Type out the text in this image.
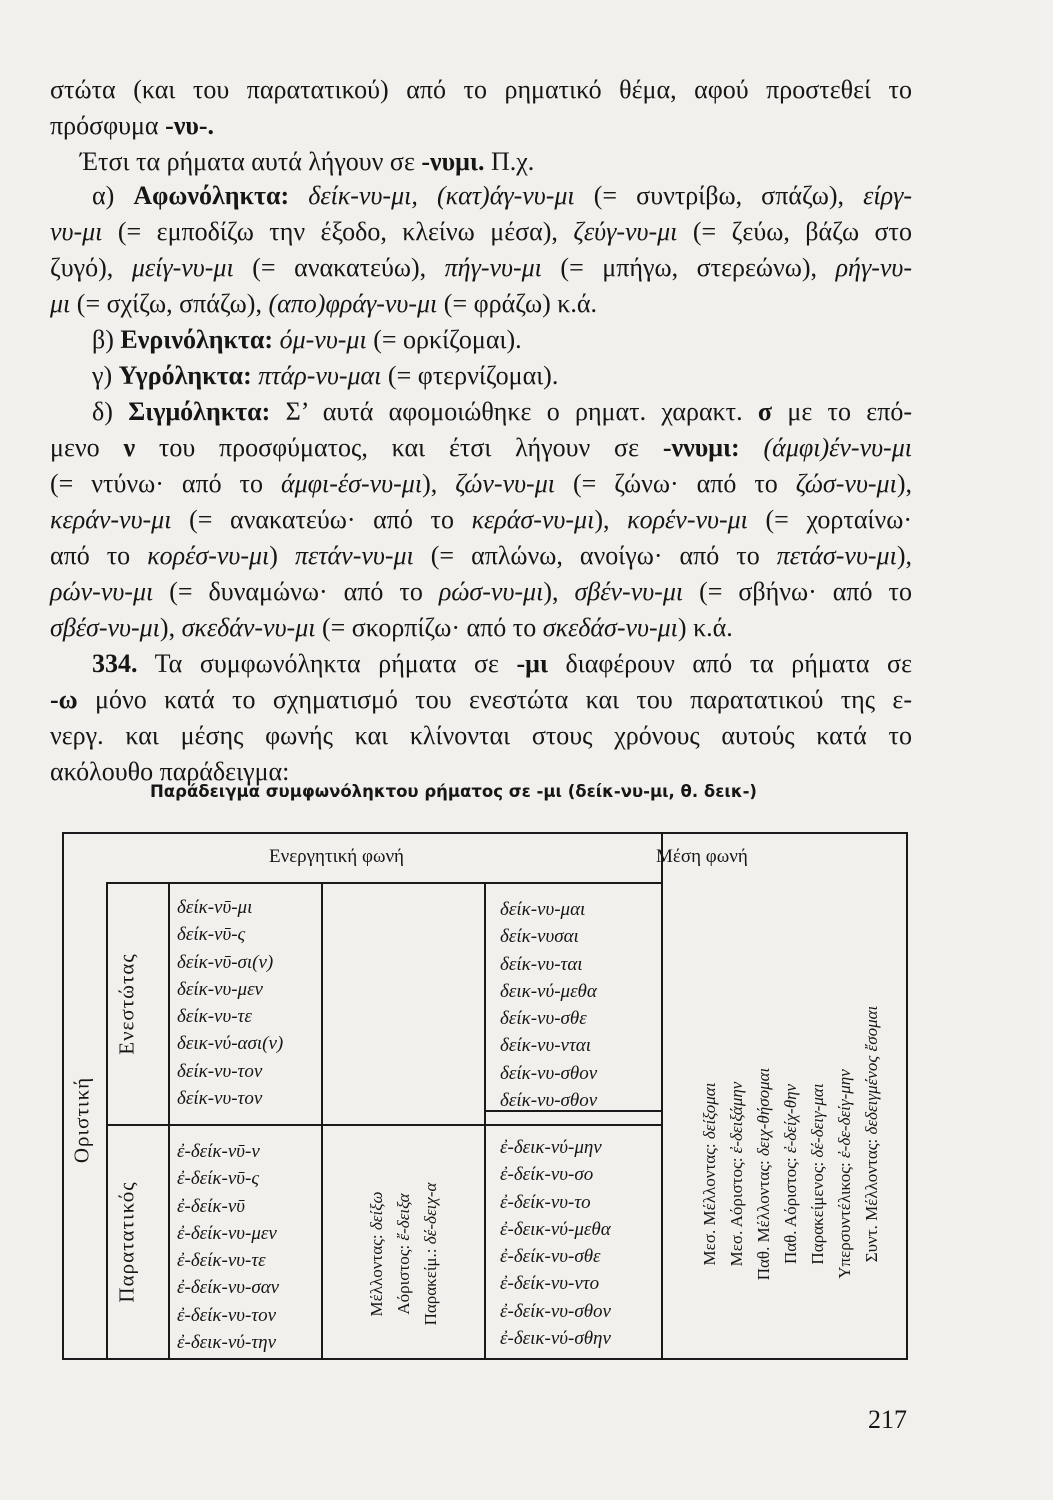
στώτα (και του παρατατικού) από το ρηματικό θέμα, αφού προστεθεί το

πρόσφυμα -νυ-.

Έτσι τα ρήματα αυτά λήγουν σε -νυμι. Π.χ.

α) Αφωνόληκτα: δείκ-νυ-μι, (κατ)άγ-νυ-μι (= συντρίβω, σπάζω), είργ-

νυ-μι (= εμποδίζω την έξοδο, κλείνω μέσα), ζεύγ-νυ-μι (= ζεύω, βάζω στο

ζυγό), μείγ-νυ-μι (= ανακατεύω), πήγ-νυ-μι (= μπήγω, στερεώνω), ρήγ-νυ-

μι (= σχίζω, σπάζω), (απο)φράγ-νυ-μι (= φράζω) κ.ά.

β) Ενρινόληκτα: όμ-νυ-μι (= ορκίζομαι).

γ) Υγρόληκτα: πτάρ-νυ-μαι (= φτερνίζομαι).

δ) Σιγμόληκτα: Σ’ αυτά αφομοιώθηκε ο ρηματ. χαρακτ. σ με το επό-

μενο ν του προσφύματος, και έτσι λήγουν σε -ννυμι: (άμφι)έν-νυ-μι

(= ντύνω· από το άμφι-έσ-νυ-μι), ζών-νυ-μι (= ζώνω· από το ζώσ-νυ-μι),

κεράν-νυ-μι (= ανακατεύω· από το κεράσ-νυ-μι), κορέν-νυ-μι (= χορταίνω·

από το κορέσ-νυ-μι) πετάν-νυ-μι (= απλώνω, ανοίγω· από το πετάσ-νυ-μι),

ρών-νυ-μι (= δυναμώνω· από το ρώσ-νυ-μι), σβέν-νυ-μι (= σβήνω· από το

σβέσ-νυ-μι), σκεδάν-νυ-μι (= σκορπίζω· από το σκεδάσ-νυ-μι) κ.ά.

334. Τα συμφωνόληκτα ρήματα σε -μι διαφέρουν από τα ρήματα σε

-ω μόνο κατά το σχηματισμό του ενεστώτα και του παρατατικού της ε-

νεργ. και μέσης φωνής και κλίνονται στους χρόνους αυτούς κατά το

ακόλουθο παράδειγμα:

Παράδειγμα συμφωνόληκτου ρήματος σε -μι (δείκ-νυ-μι, θ. δεικ-)

Ενεργητική φωνή	Μέση φωνή
Οριστική
Ενεστώτας
Παρατατικός
δείκ-νῡ-μι
δείκ-νῡ-ς
δείκ-νῡ-σι(ν)
δείκ-νυ-μεν
δείκ-νυ-τε
δεικ-νύ-ασι(ν)
δείκ-νυ-τον
δείκ-νυ-τον
ἐ-δείκ-νῡ-ν
ἐ-δείκ-νῡ-ς
ἐ-δείκ-νῡ
ἐ-δείκ-νυ-μεν
ἐ-δείκ-νυ-τε
ἐ-δείκ-νυ-σαν
ἐ-δείκ-νυ-τον
ἐ-δεικ-νύ-την
Μέλλοντας: δείξω
Αόριστος: ἔ-δειξα
Παρακείμ.: δέ-δειχ-α
δείκ-νυ-μαι
δείκ-νυσαι
δείκ-νυ-ται
δεικ-νύ-μεθα
δείκ-νυ-σθε
δείκ-νυ-νται
δείκ-νυ-σθον
δείκ-νυ-σθον
ἐ-δεικ-νύ-μην
ἐ-δείκ-νυ-σο
ἐ-δείκ-νυ-το
ἐ-δεικ-νύ-μεθα
ἐ-δείκ-νυ-σθε
ἐ-δείκ-νυ-ντο
ἐ-δείκ-νυ-σθον
ἐ-δεικ-νύ-σθην
Μεσ. Μέλλοντας: δείξομαι
Μεσ. Αόριστος: ἐ-δειξάμην
Παθ. Μέλλοντας: δειχ-θήσομαι
Παθ. Αόριστος: ἐ-δείχ-θην
Παρακείμενος: δέ-δειγ-μαι
Υπερσυντέλικος: ἐ-δε-δείγ-μην
Συντ. Μέλλοντας: δεδειγμένος ἔσομαι
217
